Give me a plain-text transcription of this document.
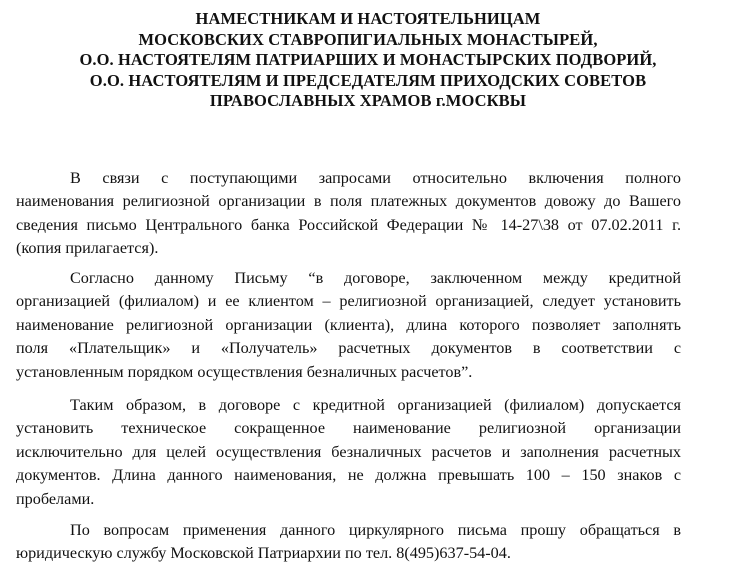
НАМЕСТНИКАМ И НАСТОЯТЕЛЬНИЦАМ
МОСКОВСКИХ СТАВРОПИГИАЛЬНЫХ МОНАСТЫРЕЙ,
О.О. НАСТОЯТЕЛЯМ ПАТРИАРШИХ И МОНАСТЫРСКИХ ПОДВОРИЙ,
О.О. НАСТОЯТЕЛЯМ И ПРЕДСЕДАТЕЛЯМ ПРИХОДСКИХ СОВЕТОВ
ПРАВОСЛАВНЫХ ХРАМОВ г.МОСКВЫ
В связи с поступающими запросами относительно включения полного
наименования религиозной организации в поля платежных документов довожу до Вашего
сведения письмо Центрального банка Российской Федерации № 14-27\38 от 07.02.2011 г.
(копия прилагается).
Согласно данному Письму “в договоре, заключенном между кредитной
организацией (филиалом) и ее клиентом – религиозной организацией, следует установить
наименование религиозной организации (клиента), длина которого позволяет заполнять
поля «Плательщик» и «Получатель» расчетных документов в соответствии с
установленным порядком осуществления безналичных расчетов”.
Таким образом, в договоре с кредитной организацией (филиалом) допускается
установить техническое сокращенное наименование религиозной организации
исключительно для целей осуществления безналичных расчетов и заполнения расчетных
документов. Длина данного наименования, не должна превышать 100 – 150 знаков с
пробелами.
По вопросам применения данного циркулярного письма прошу обращаться в
юридическую службу Московской Патриархии по тел. 8(495)637-54-04.
